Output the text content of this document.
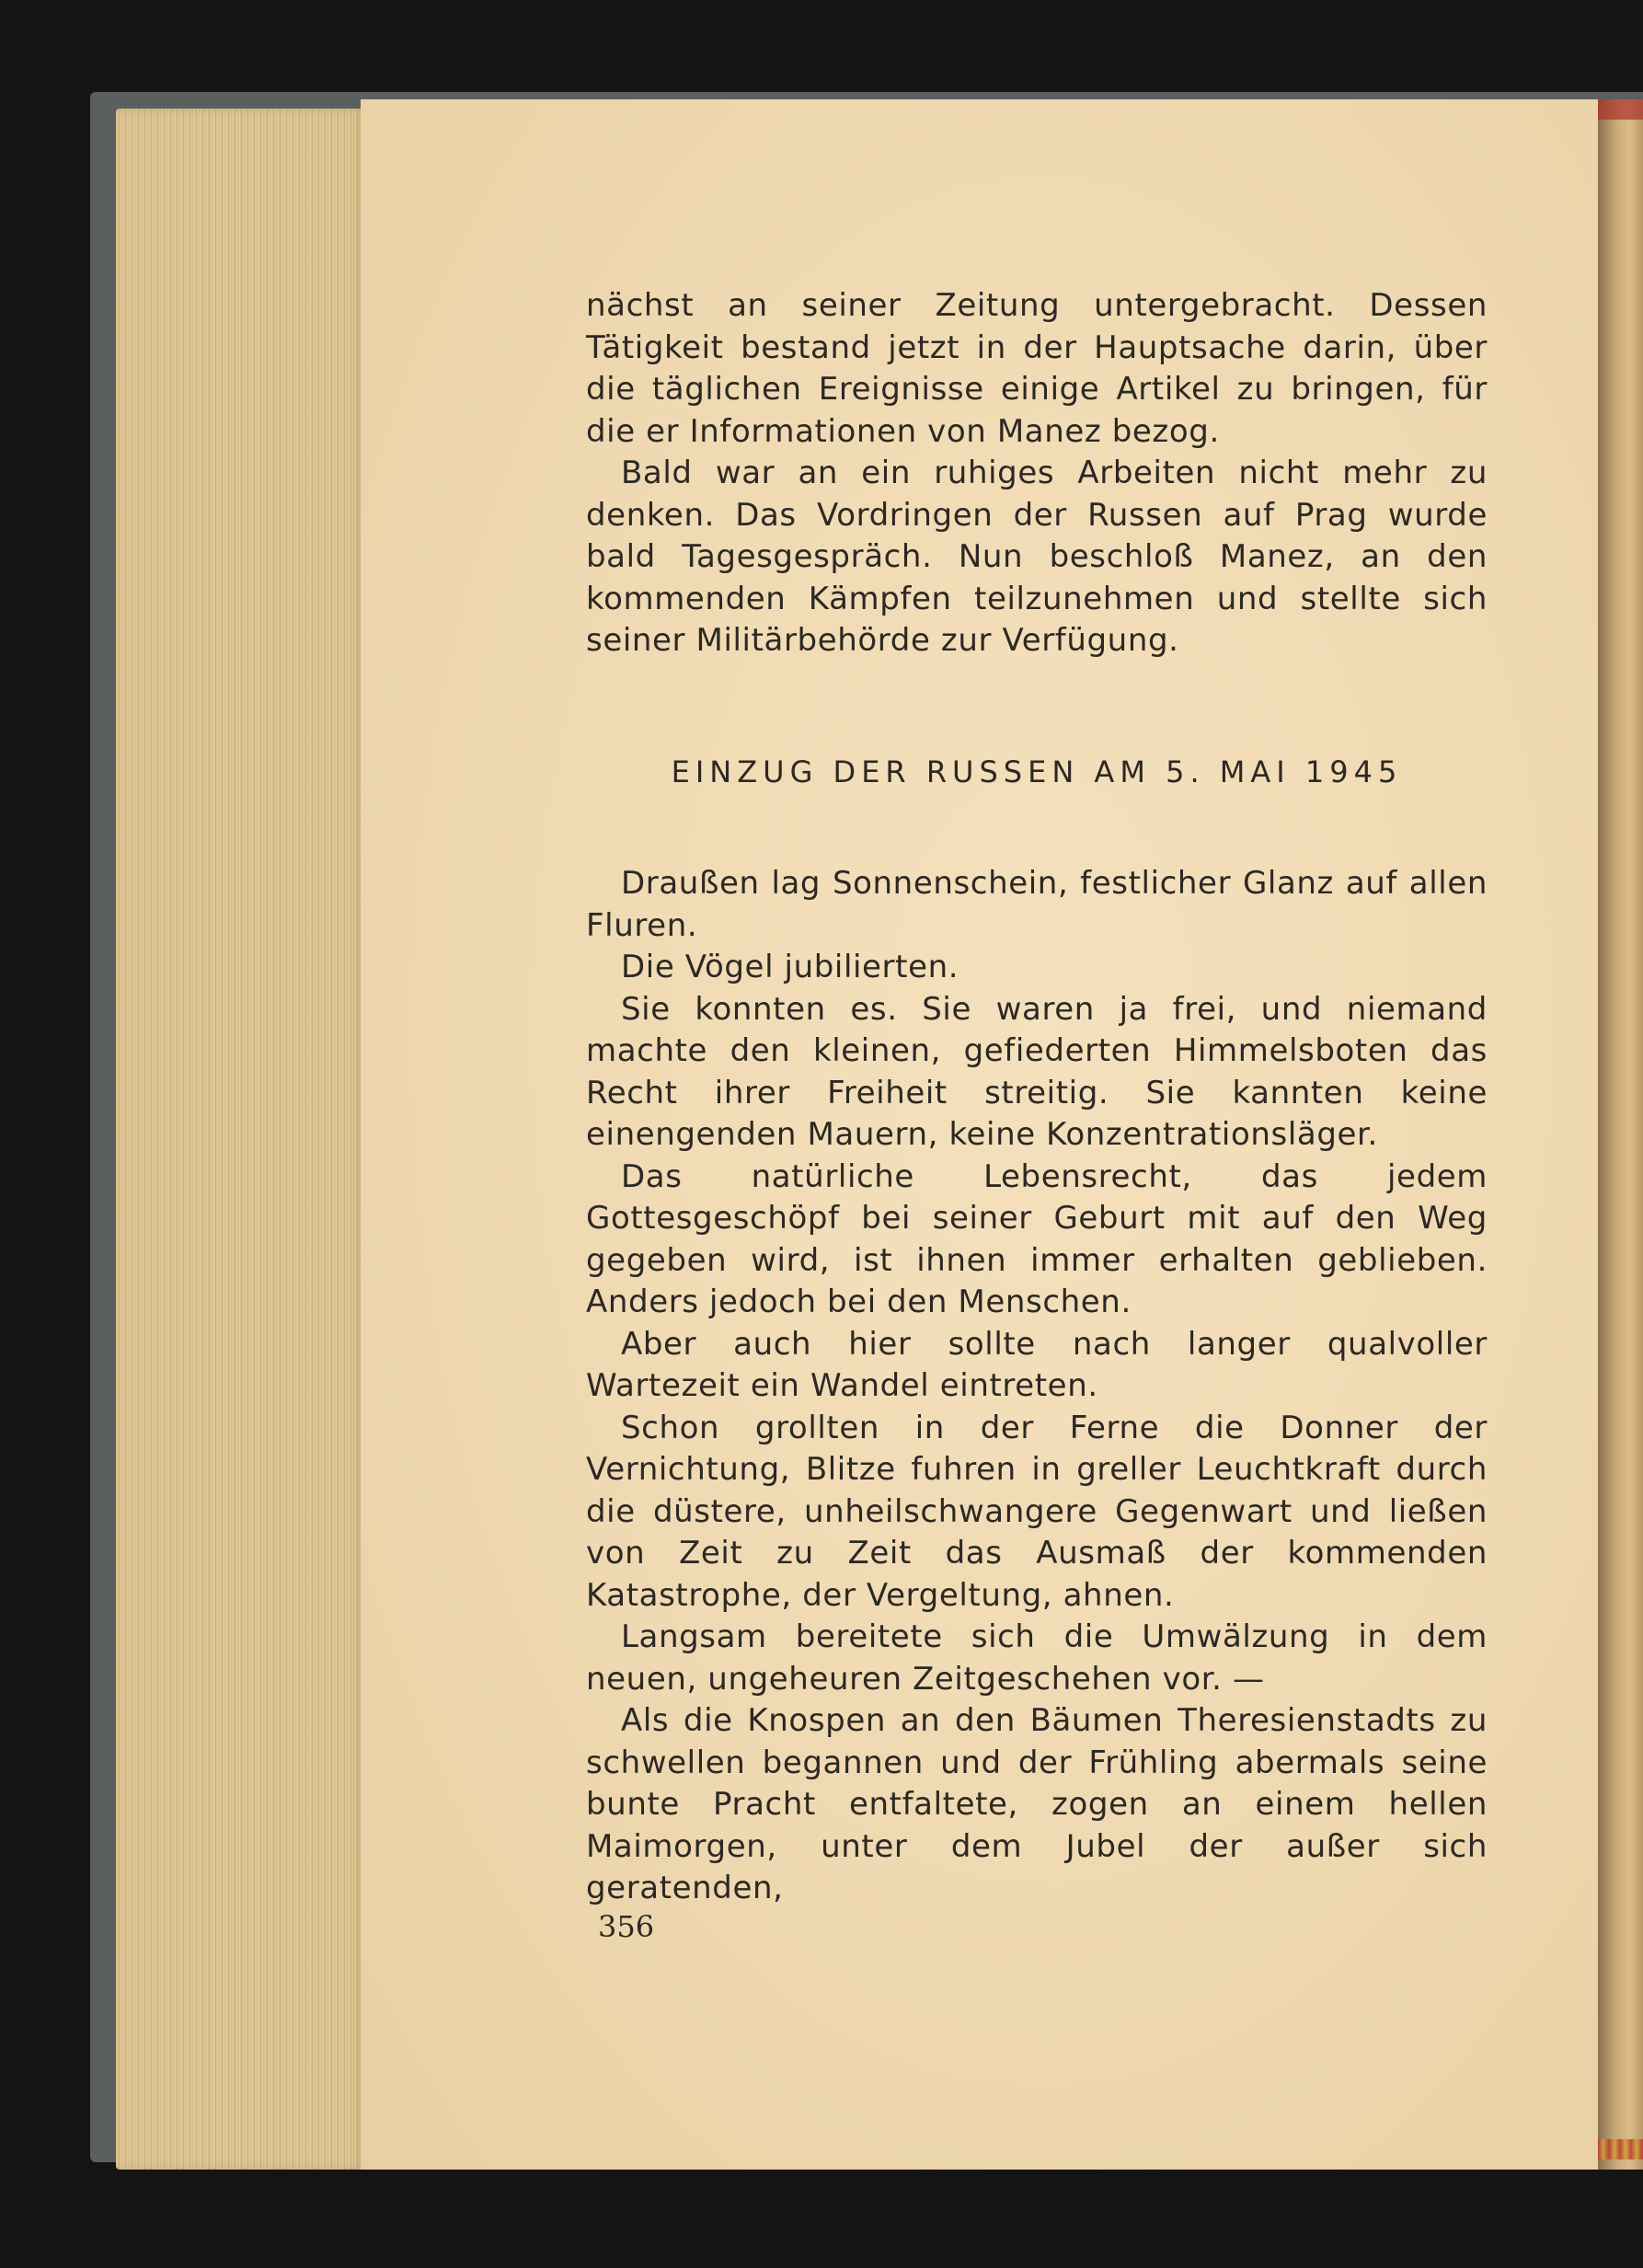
nächst an seiner Zeitung untergebracht. Dessen Tätigkeit bestand jetzt in der Hauptsache darin, über die täglichen Ereignisse einige Artikel zu bringen, für die er Informationen von Manez bezog.

Bald war an ein ruhiges Arbeiten nicht mehr zu denken. Das Vordringen der Russen auf Prag wurde bald Tagesgespräch. Nun beschloß Manez, an den kommenden Kämpfen teilzunehmen und stellte sich seiner Militärbehörde zur Verfügung.

EINZUG DER RUSSEN AM 5. MAI 1945

Draußen lag Sonnenschein, festlicher Glanz auf allen Fluren.

Die Vögel jubilierten.

Sie konnten es. Sie waren ja frei, und niemand machte den kleinen, gefiederten Himmelsboten das Recht ihrer Freiheit streitig. Sie kannten keine einengenden Mauern, keine Konzentrationsläger.

Das natürliche Lebensrecht, das jedem Gottesgeschöpf bei seiner Geburt mit auf den Weg gegeben wird, ist ihnen immer erhalten geblieben. Anders jedoch bei den Menschen.

Aber auch hier sollte nach langer qualvoller Wartezeit ein Wandel eintreten.

Schon grollten in der Ferne die Donner der Vernichtung, Blitze fuhren in greller Leuchtkraft durch die düstere, unheilschwangere Gegenwart und ließen von Zeit zu Zeit das Ausmaß der kommenden Katastrophe, der Vergeltung, ahnen.

Langsam bereitete sich die Umwälzung in dem neuen, ungeheuren Zeitgeschehen vor. —

Als die Knospen an den Bäumen Theresienstadts zu schwellen begannen und der Frühling abermals seine bunte Pracht entfaltete, zogen an einem hellen Maimorgen, unter dem Jubel der außer sich geratenden,

356
